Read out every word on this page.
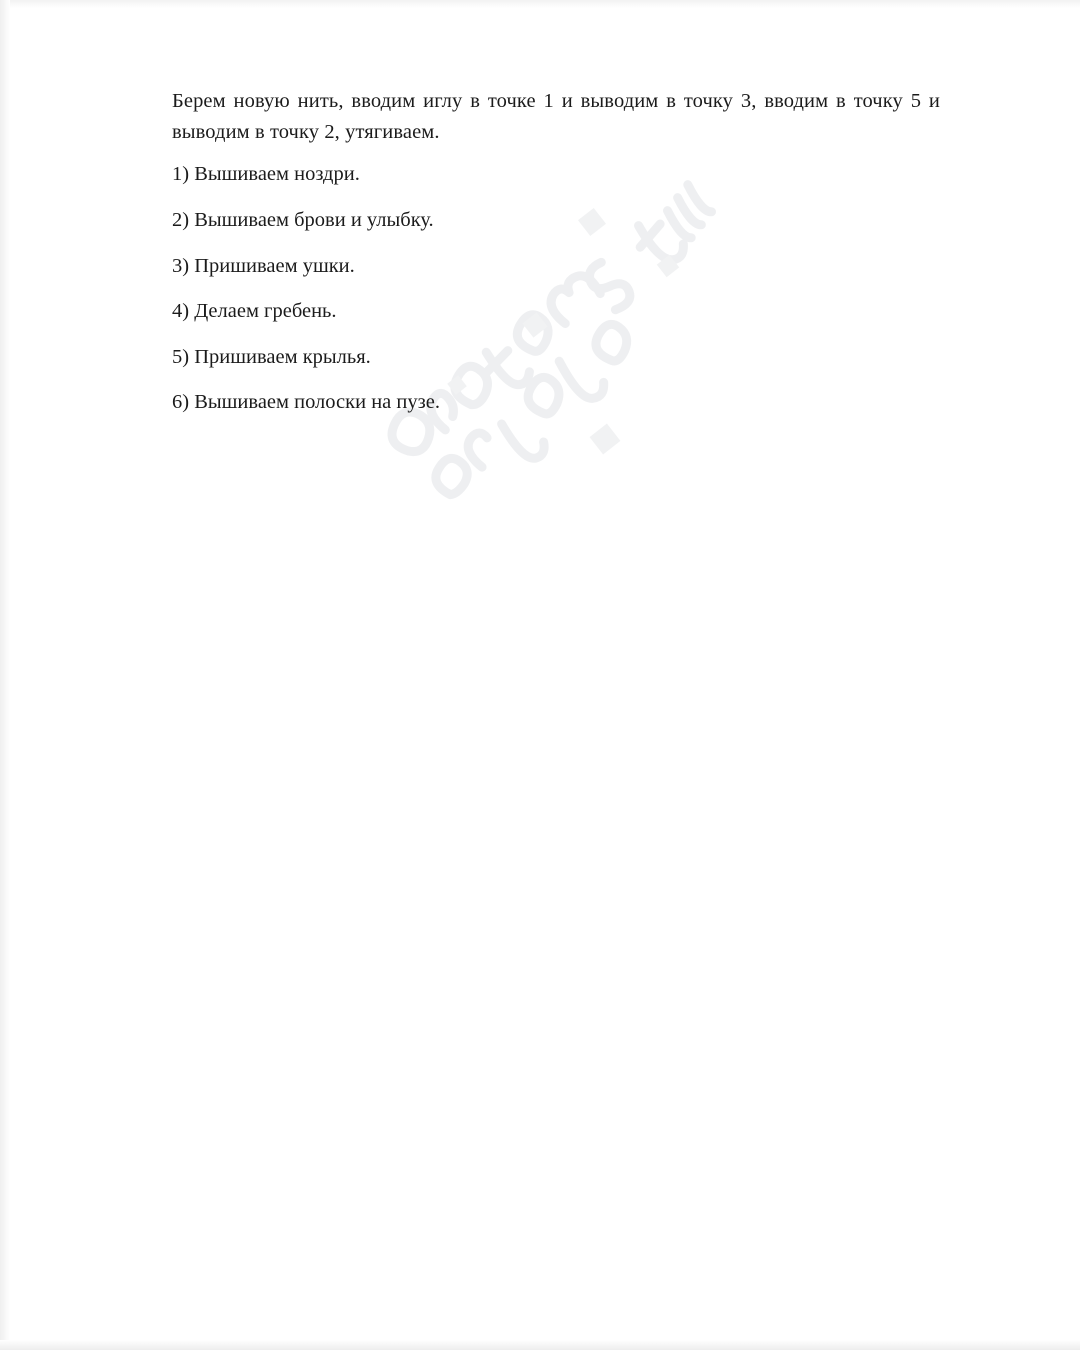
Берем новую нить, вводим иглу в точке 1 и выводим в точку 3, вводим в точку 5 и выводим в точку 2, утягиваем.

1) Вышиваем ноздри.
2) Вышиваем брови и улыбку.
3) Пришиваем ушки.
4) Делаем гребень.
5) Пришиваем крылья.
6) Вышиваем полоски на пузе.
